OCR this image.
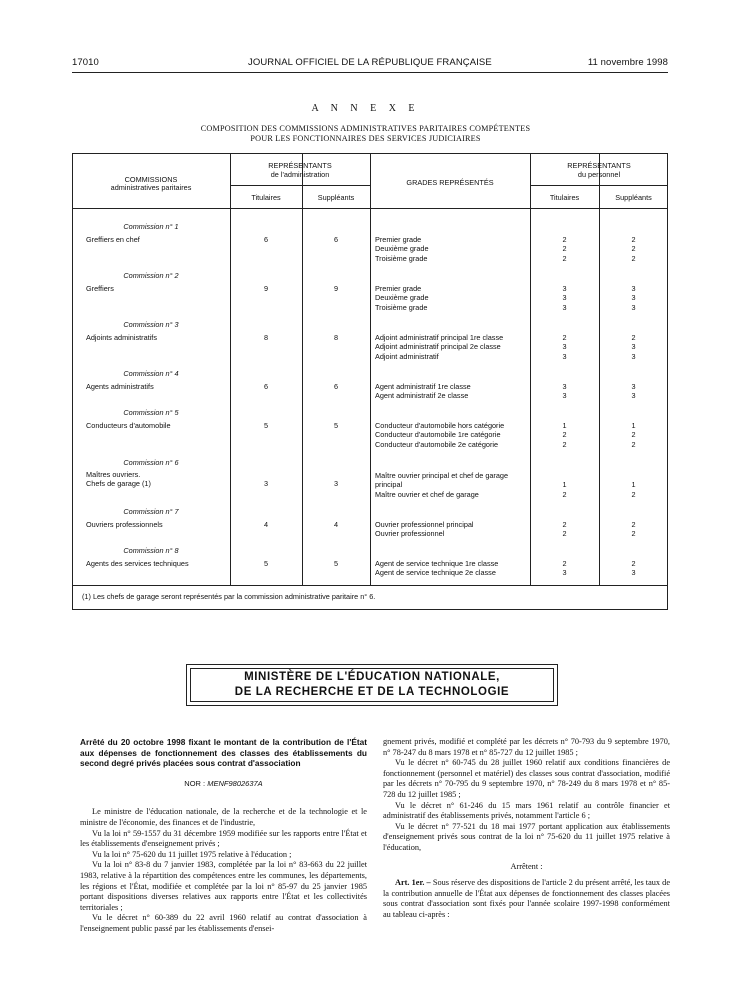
17010	JOURNAL OFFICIEL DE LA RÉPUBLIQUE FRANÇAISE	11 novembre 1998
A N N E X E
COMPOSITION DES COMMISSIONS ADMINISTRATIVES PARITAIRES COMPÉTENTES
POUR LES FONCTIONNAIRES DES SERVICES JUDICIAIRES
COMMISSIONS
administratives paritaires
REPRÉSENTANTS
de l'administration
Titulaires	Suppléants
GRADES REPRÉSENTÉS
REPRÉSENTANTS
du personnel
Titulaires	Suppléants
Commission n° 1
Greffiers en chef	6	6	Premier grade	2	2
Deuxième grade	2	2
Troisième grade	2	2
Commission n° 2
Greffiers	9	9	Premier grade	3	3
Deuxième grade	3	3
Troisième grade	3	3
Commission n° 3
Adjoints administratifs	8	8	Adjoint administratif principal 1re classe	2	2
Adjoint administratif principal 2e classe	3	3
Adjoint administratif	3	3
Commission n° 4
Agents administratifs	6	6	Agent administratif 1re classe	3	3
Agent administratif 2e classe	3	3
Commission n° 5
Conducteurs d'automobile	5	5	Conducteur d'automobile hors catégorie	1	1
Conducteur d'automobile 1re catégorie	2	2
Conducteur d'automobile 2e catégorie	2	2
Commission n° 6
Maîtres ouvriers.
Chefs de garage (1)	3	3
Maître ouvrier principal et chef de garage
principal	1	1
Maître ouvrier et chef de garage	2	2
Commission n° 7
Ouvriers professionnels	4	4	Ouvrier professionnel principal	2	2
Ouvrier professionnel	2	2
Commission n° 8
Agents des services techniques	5	5	Agent de service technique 1re classe	2	2
Agent de service technique 2e classe	3	3
(1) Les chefs de garage seront représentés par la commission administrative paritaire n° 6.
MINISTÈRE DE L'ÉDUCATION NATIONALE,
DE LA RECHERCHE ET DE LA TECHNOLOGIE

Arrêté du 20 octobre 1998 fixant le montant de la contribution de l'État aux dépenses de fonctionnement des classes des établissements du second degré privés placées sous contrat d'association

NOR : MENF9802637A

Le ministre de l'éducation nationale, de la recherche et de la technologie et le ministre de l'économie, des finances et de l'industrie,

Vu la loi n° 59-1557 du 31 décembre 1959 modifiée sur les rapports entre l'État et les établissements d'enseignement privés ;

Vu la loi n° 75-620 du 11 juillet 1975 relative à l'éducation ;

Vu la loi n° 83-8 du 7 janvier 1983, complétée par la loi n° 83-663 du 22 juillet 1983, relative à la répartition des compétences entre les communes, les départements, les régions et l'État, modifiée et complétée par la loi n° 85-97 du 25 janvier 1985 portant dispositions diverses relatives aux rapports entre l'État et les collectivités territoriales ;

Vu le décret n° 60-389 du 22 avril 1960 relatif au contrat d'association à l'enseignement public passé par les établissements d'ensei-

gnement privés, modifié et complété par les décrets n° 70-793 du 9 septembre 1970, n° 78-247 du 8 mars 1978 et n° 85-727 du 12 juillet 1985 ;

Vu le décret n° 60-745 du 28 juillet 1960 relatif aux conditions financières de fonctionnement (personnel et matériel) des classes sous contrat d'association, modifié par les décrets n° 70-795 du 9 septembre 1970, n° 78-249 du 8 mars 1978 et n° 85-728 du 12 juillet 1985 ;

Vu le décret n° 61-246 du 15 mars 1961 relatif au contrôle financier et administratif des établissements privés, notamment l'article 6 ;

Vu le décret n° 77-521 du 18 mai 1977 portant application aux établissements d'enseignement privés sous contrat de la loi n° 75-620 du 11 juillet 1975 relative à l'éducation,

Arrêtent :

Art. 1er. – Sous réserve des dispositions de l'article 2 du présent arrêté, les taux de la contribution annuelle de l'État aux dépenses de fonctionnement des classes placées sous contrat d'association sont fixés pour l'année scolaire 1997-1998 conformément au tableau ci-après :
